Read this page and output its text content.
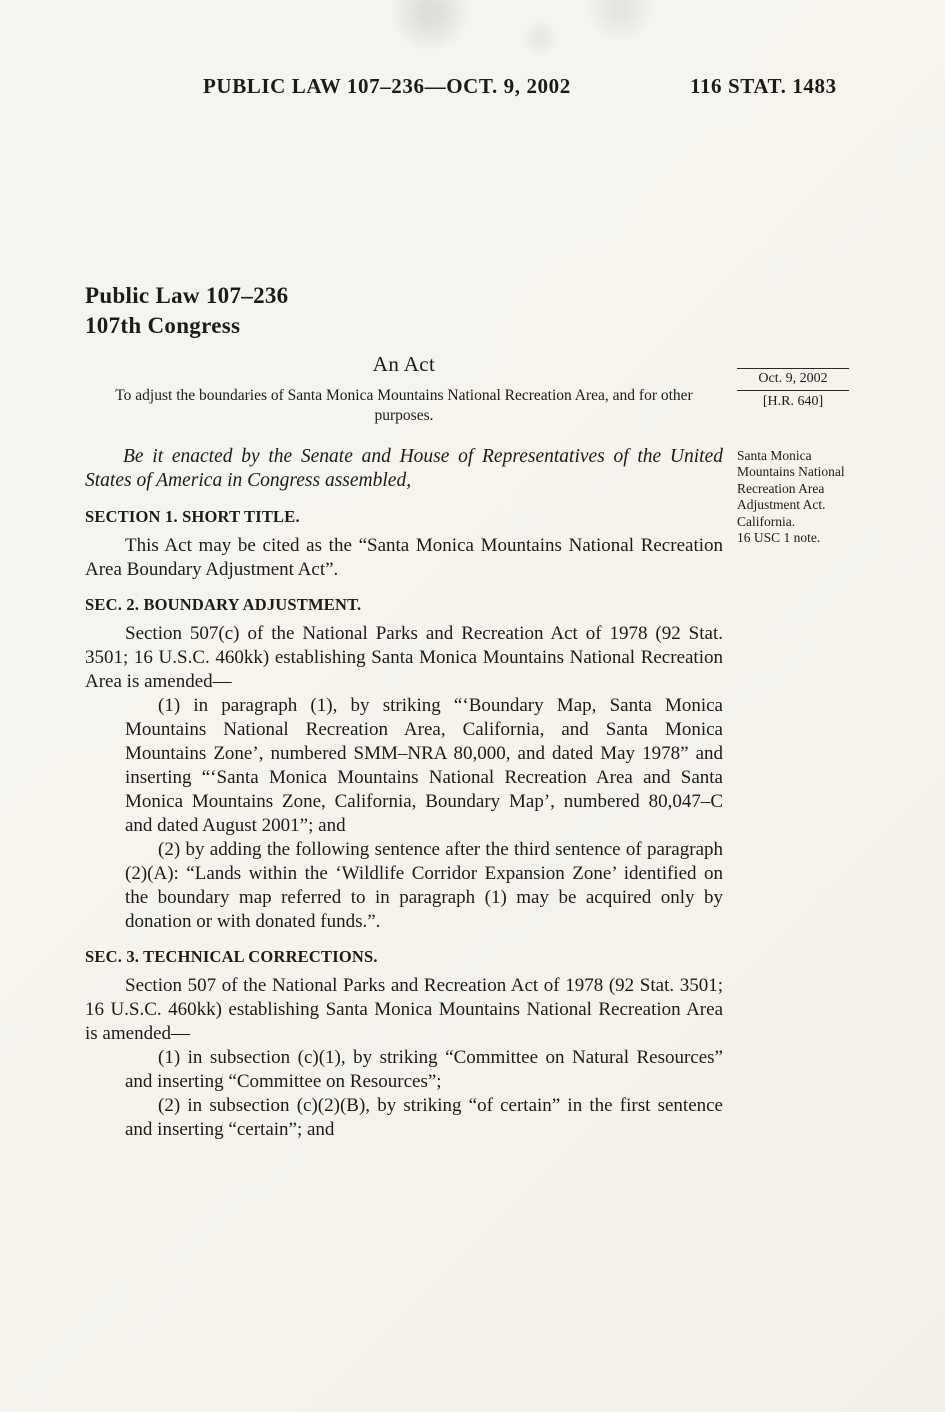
PUBLIC LAW 107–236—OCT. 9, 2002	116 STAT. 1483
Public Law 107–236
107th Congress
An Act
To adjust the boundaries of Santa Monica Mountains National Recreation Area, and for other purposes.
Be it enacted by the Senate and House of Representatives of the United States of America in Congress assembled,
SECTION 1. SHORT TITLE.
This Act may be cited as the “Santa Monica Mountains National Recreation Area Boundary Adjustment Act”.
SEC. 2. BOUNDARY ADJUSTMENT.
Section 507(c) of the National Parks and Recreation Act of 1978 (92 Stat. 3501; 16 U.S.C. 460kk) establishing Santa Monica Mountains National Recreation Area is amended—
(1) in paragraph (1), by striking “‘Boundary Map, Santa Monica Mountains National Recreation Area, California, and Santa Monica Mountains Zone’, numbered SMM–NRA 80,000, and dated May 1978” and inserting “‘Santa Monica Mountains National Recreation Area and Santa Monica Mountains Zone, California, Boundary Map’, numbered 80,047–C and dated August 2001”; and
(2) by adding the following sentence after the third sentence of paragraph (2)(A): “Lands within the ‘Wildlife Corridor Expansion Zone’ identified on the boundary map referred to in paragraph (1) may be acquired only by donation or with donated funds.”.
SEC. 3. TECHNICAL CORRECTIONS.
Section 507 of the National Parks and Recreation Act of 1978 (92 Stat. 3501; 16 U.S.C. 460kk) establishing Santa Monica Mountains National Recreation Area is amended—
(1) in subsection (c)(1), by striking “Committee on Natural Resources” and inserting “Committee on Resources”;
(2) in subsection (c)(2)(B), by striking “of certain” in the first sentence and inserting “certain”; and
Oct. 9, 2002
[H.R. 640]
Santa Monica Mountains National Recreation Area Adjustment Act.
California.
16 USC 1 note.
